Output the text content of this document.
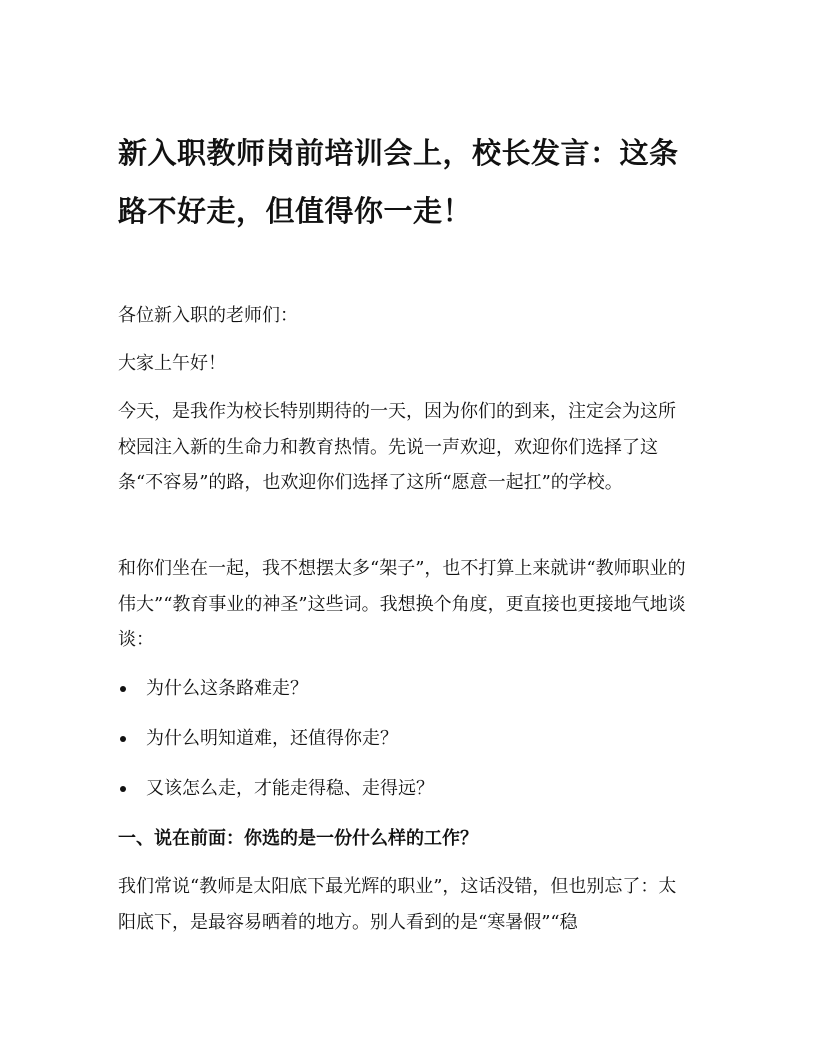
新入职教师岗前培训会上，校长发言：这条路不好走，但值得你一走！

各位新入职的老师们：

大家上午好！

今天，是我作为校长特别期待的一天，因为你们的到来，注定会为这所校园注入新的生命力和教育热情。先说一声欢迎，欢迎你们选择了这条“不容易”的路，也欢迎你们选择了这所“愿意一起扛”的学校。

和你们坐在一起，我不想摆太多“架子”，也不打算上来就讲“教师职业的伟大”“教育事业的神圣”这些词。我想换个角度，更直接也更接地气地谈谈：

为什么这条路难走？
为什么明知道难，还值得你走？
又该怎么走，才能走得稳、走得远？
一、说在前面：你选的是一份什么样的工作？

我们常说“教师是太阳底下最光辉的职业”，这话没错，但也别忘了：太阳底下，是最容易晒着的地方。别人看到的是“寒暑假”“稳
